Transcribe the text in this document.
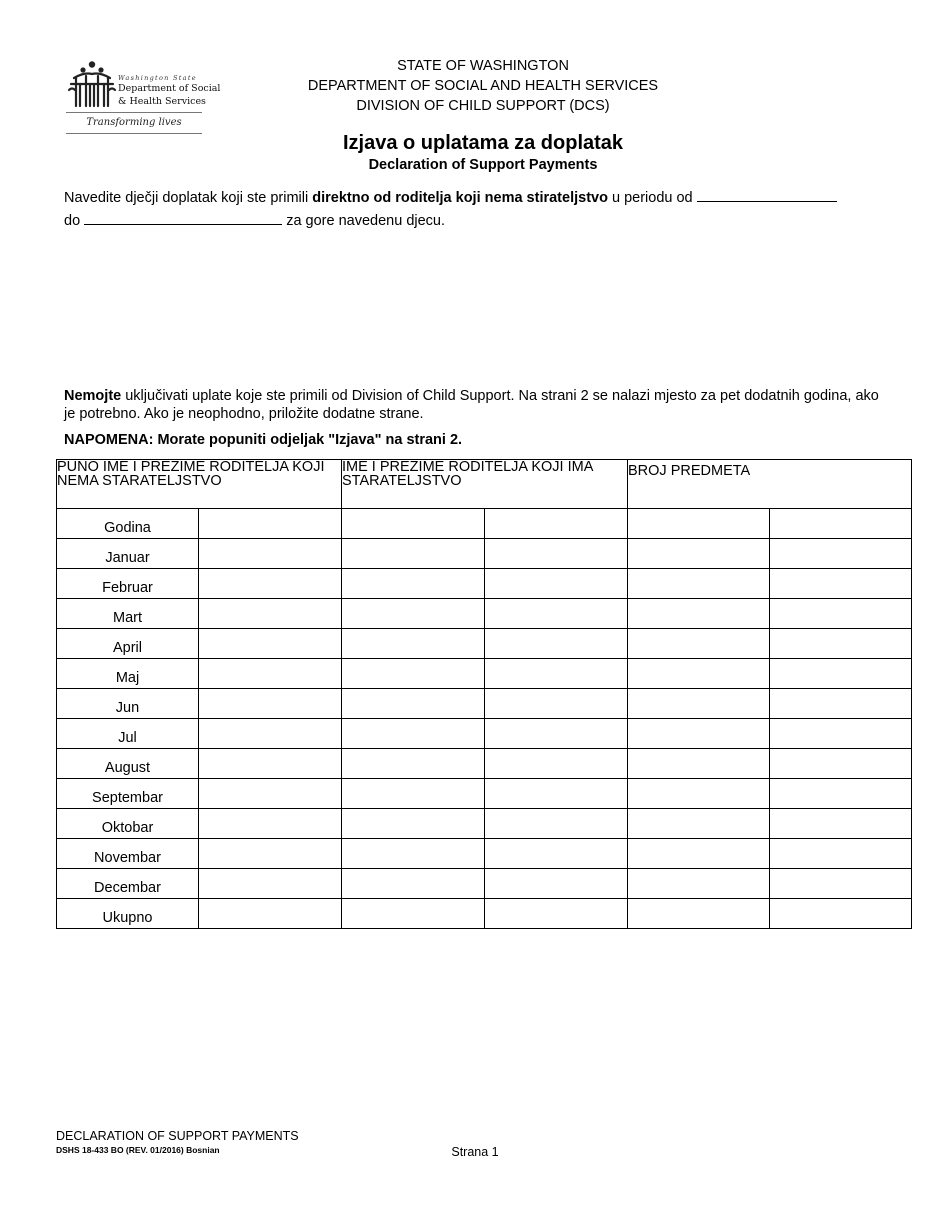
Washington State
Department of Social
& Health Services
Transforming lives
STATE OF WASHINGTON
DEPARTMENT OF SOCIAL AND HEALTH SERVICES
DIVISION OF CHILD SUPPORT (DCS)
Izjava o uplatama za doplatak
Declaration of Support Payments
Navedite dječji doplatak koji ste primili direktno od roditelja koji nema stirateljstvo u periodu od
do	za gore navedenu djecu.
Nemojte uključivati uplate koje ste primili od Division of Child Support. Na strani 2 se nalazi mjesto za pet dodatnih godina, ako je potrebno. Ako je neophodno, priložite dodatne strane.
NAPOMENA: Morate popuniti odjeljak "Izjava" na strani 2.
PUNO IME I PREZIME RODITELJA KOJI NEMA STARATELJSTVO		IME I PREZIME RODITELJA KOJI IMA STARATELJSTVO		BROJ PREDMETA	

Godina					
Januar					
Februar					
Mart					
April					
Maj					
Jun					
Jul					
August					
Septembar					
Oktobar					
Novembar					
Decembar					
Ukupno					
DECLARATION OF SUPPORT PAYMENTS
DSHS 18-433 BO (REV. 01/2016) Bosnian	Strana 1
